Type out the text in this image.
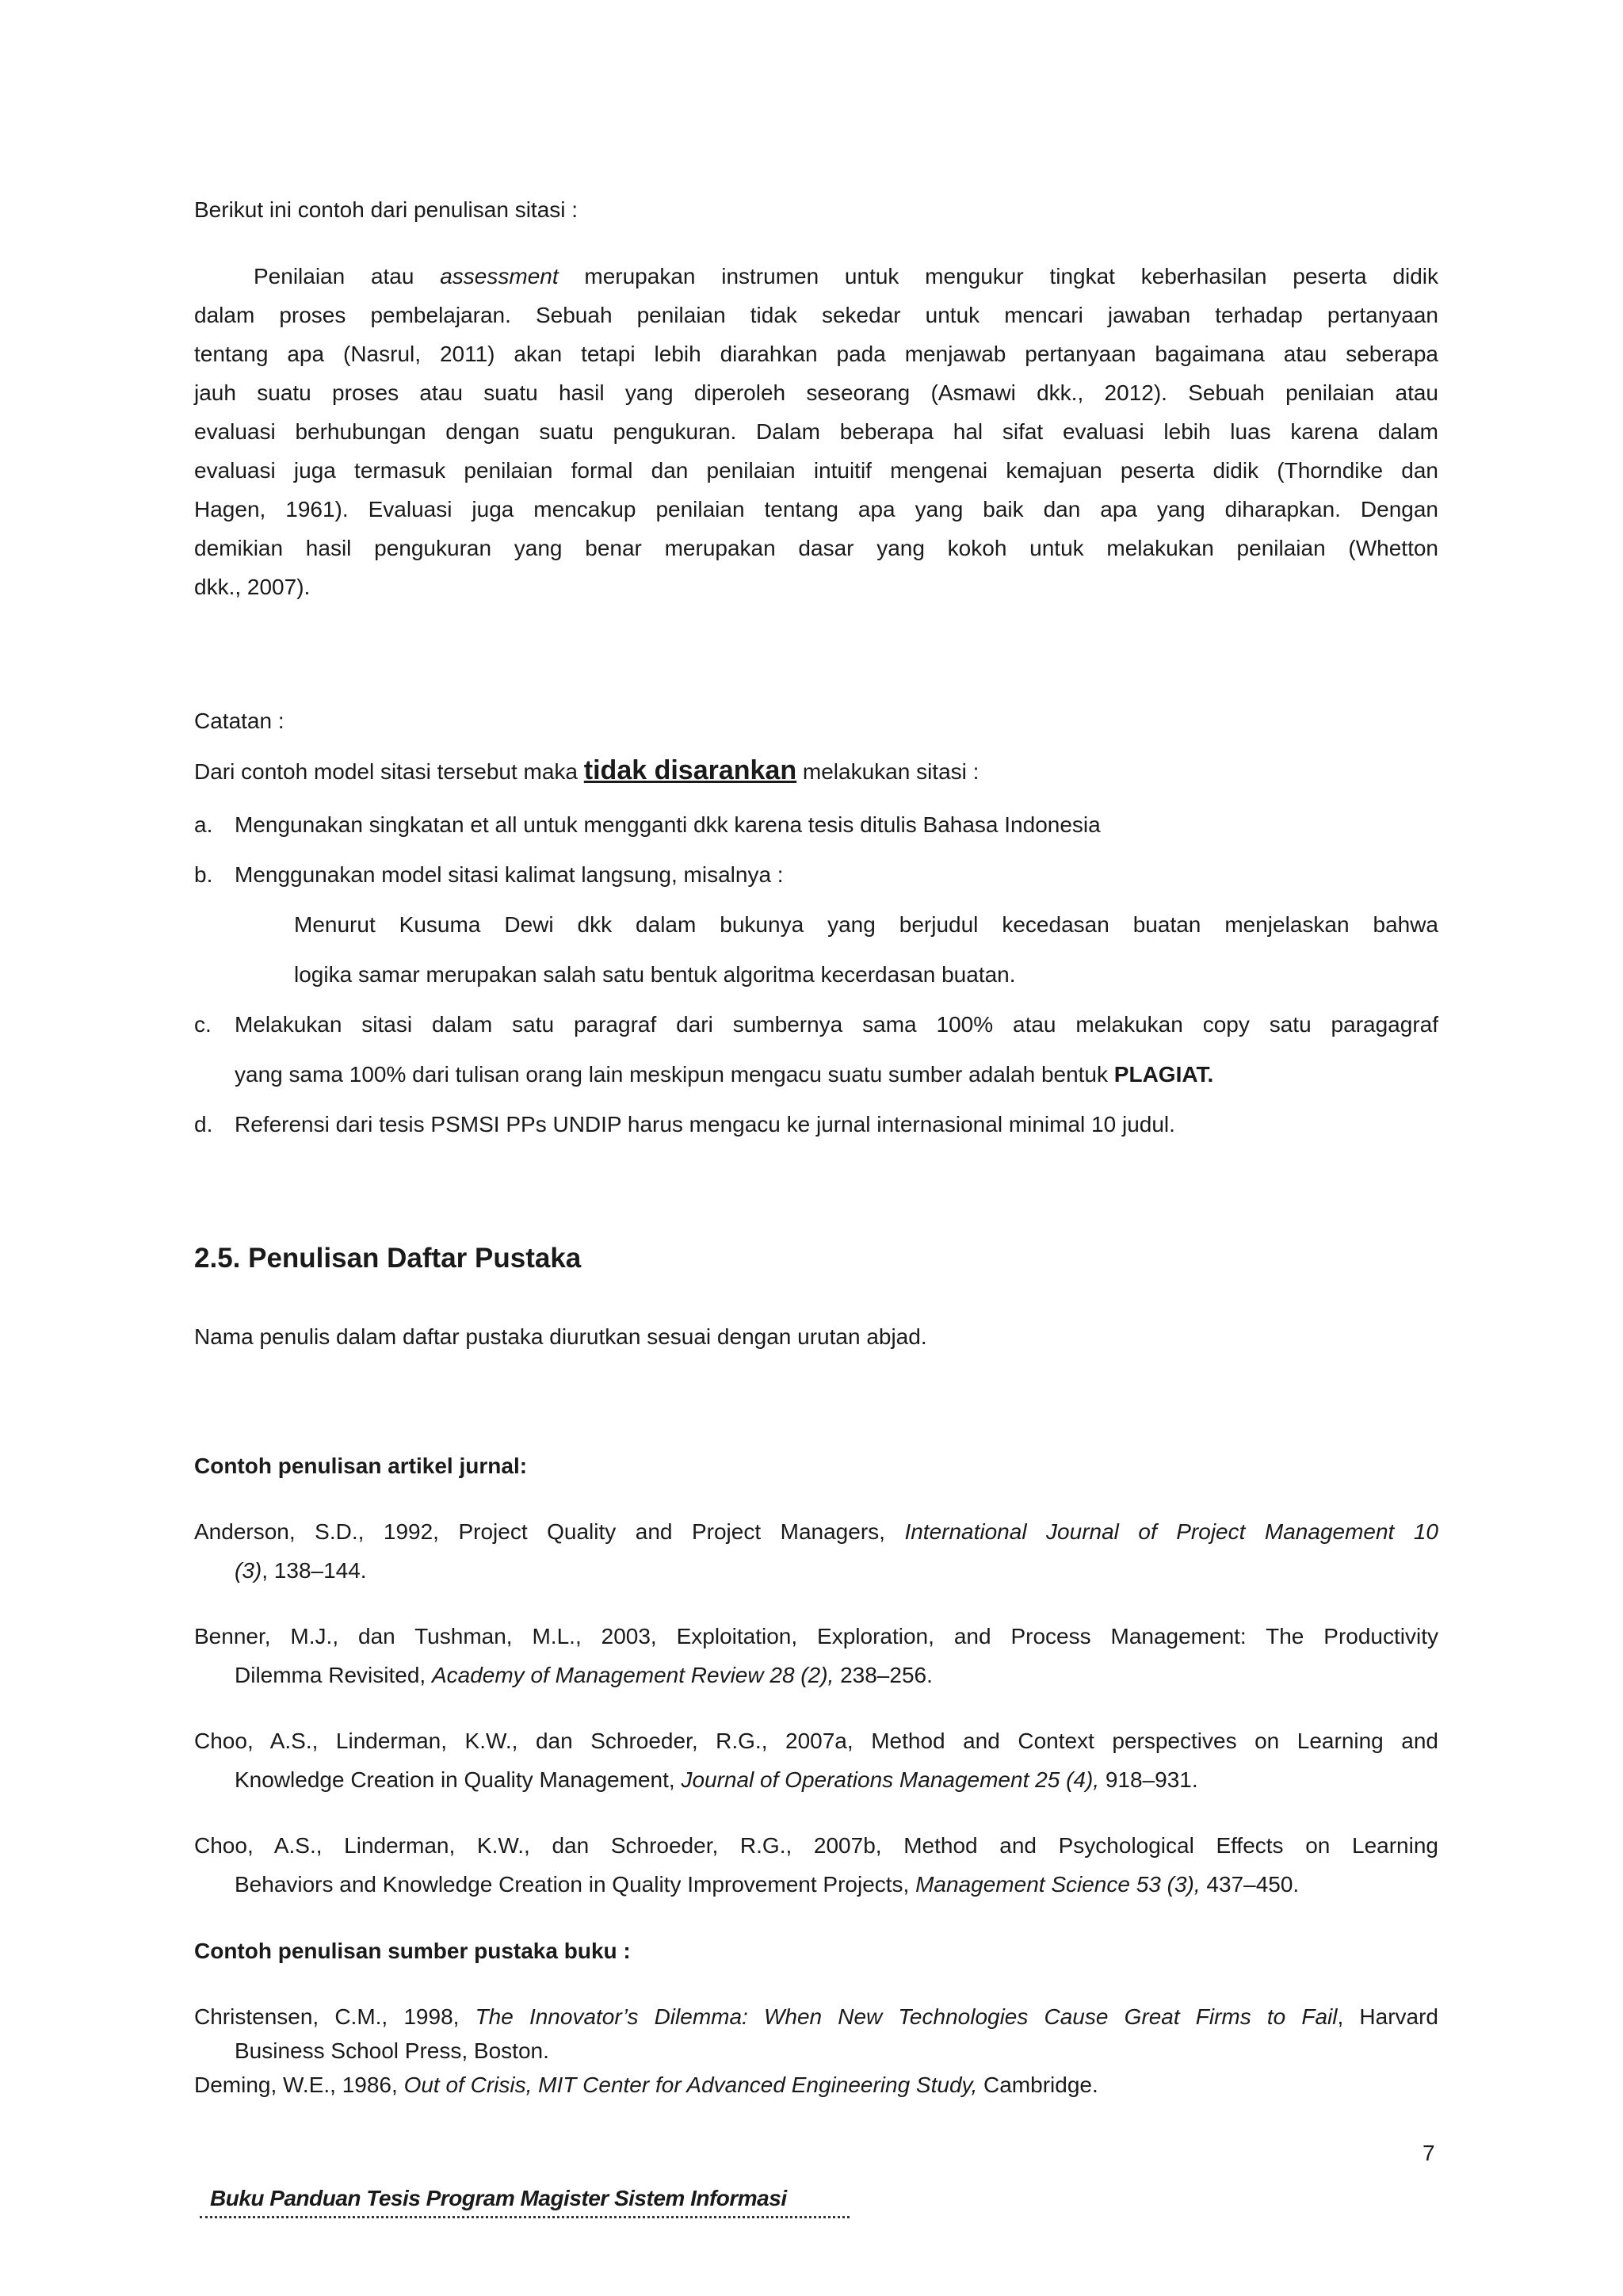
Berikut ini contoh dari penulisan sitasi :
Penilaian atau assessment merupakan instrumen untuk mengukur tingkat keberhasilan peserta didik
dalam proses pembelajaran. Sebuah penilaian tidak sekedar untuk mencari jawaban terhadap pertanyaan
tentang apa (Nasrul, 2011) akan tetapi lebih diarahkan pada menjawab pertanyaan bagaimana atau seberapa
jauh suatu proses atau suatu hasil yang diperoleh seseorang (Asmawi dkk., 2012). Sebuah penilaian atau
evaluasi berhubungan dengan suatu pengukuran. Dalam beberapa hal sifat evaluasi lebih luas karena dalam
evaluasi juga termasuk penilaian formal dan penilaian intuitif mengenai kemajuan peserta didik (Thorndike dan
Hagen, 1961). Evaluasi juga mencakup penilaian tentang apa yang baik dan apa yang diharapkan. Dengan
demikian hasil pengukuran yang benar merupakan dasar yang kokoh untuk melakukan penilaian (Whetton
dkk., 2007).
Catatan :
Dari contoh model sitasi tersebut maka tidak disarankan melakukan sitasi :
a. Mengunakan singkatan et all untuk mengganti dkk karena tesis ditulis Bahasa Indonesia
b. Menggunakan model sitasi kalimat langsung, misalnya :
Menurut Kusuma Dewi dkk dalam bukunya yang berjudul kecedasan buatan menjelaskan bahwa
logika samar merupakan salah satu bentuk algoritma kecerdasan buatan.
c. Melakukan sitasi dalam satu paragraf dari sumbernya sama 100% atau melakukan copy satu paragagraf
yang sama 100% dari tulisan orang lain meskipun mengacu suatu sumber adalah bentuk PLAGIAT.
d. Referensi dari tesis PSMSI PPs UNDIP harus mengacu ke jurnal internasional minimal 10 judul.
2.5. Penulisan Daftar Pustaka
Nama penulis dalam daftar pustaka diurutkan sesuai dengan urutan abjad.
Contoh penulisan artikel jurnal:
Anderson, S.D., 1992, Project Quality and Project Managers, International Journal of Project Management 10
(3), 138–144.
Benner, M.J., dan Tushman, M.L., 2003, Exploitation, Exploration, and Process Management: The Productivity
Dilemma Revisited, Academy of Management Review 28 (2), 238–256.
Choo, A.S., Linderman, K.W., dan Schroeder, R.G., 2007a, Method and Context perspectives on Learning and
Knowledge Creation in Quality Management, Journal of Operations Management 25 (4), 918–931.
Choo, A.S., Linderman, K.W., dan Schroeder, R.G., 2007b, Method and Psychological Effects on Learning
Behaviors and Knowledge Creation in Quality Improvement Projects, Management Science 53 (3), 437–450.
Contoh penulisan sumber pustaka buku :
Christensen, C.M., 1998, The Innovator’s Dilemma: When New Technologies Cause Great Firms to Fail, Harvard
Business School Press, Boston.
Deming, W.E., 1986, Out of Crisis, MIT Center for Advanced Engineering Study, Cambridge.
7
Buku Panduan Tesis Program Magister Sistem Informasi
